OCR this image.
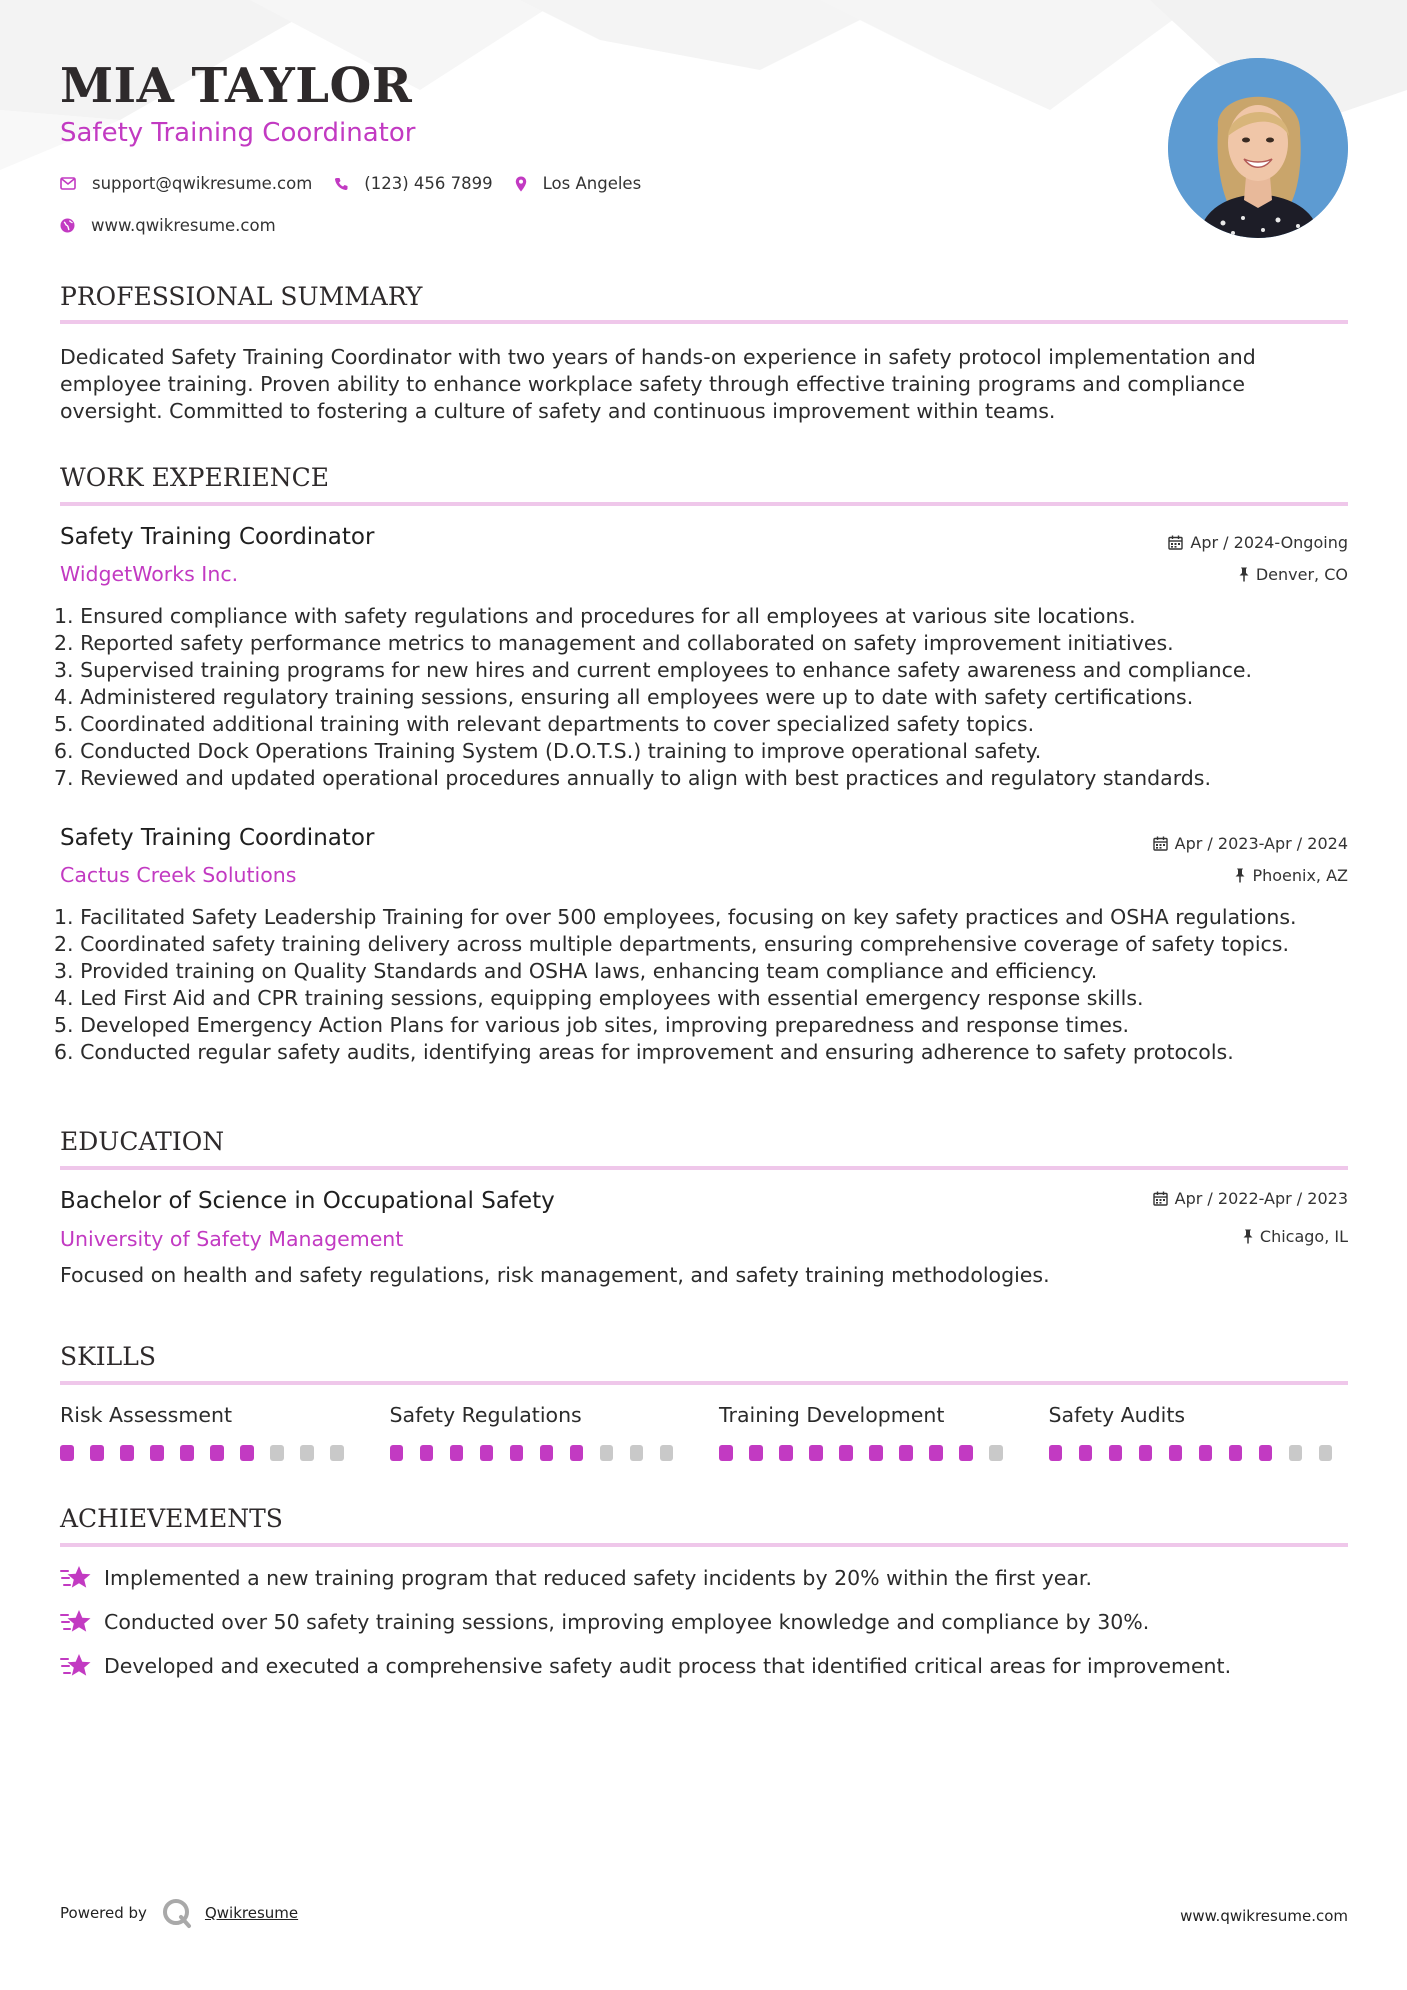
MIA TAYLOR
Safety Training Coordinator
support@qwikresume.com	(123) 456 7899	Los Angeles
www.qwikresume.com
PROFESSIONAL SUMMARY
Dedicated Safety Training Coordinator with two years of hands-on experience in safety protocol implementation and
employee training. Proven ability to enhance workplace safety through effective training programs and compliance
oversight. Committed to fostering a culture of safety and continuous improvement within teams.
WORK EXPERIENCE
Safety Training Coordinator	Apr / 2024-Ongoing
WidgetWorks Inc.	Denver, CO
1. Ensured compliance with safety regulations and procedures for all employees at various site locations.
2. Reported safety performance metrics to management and collaborated on safety improvement initiatives.
3. Supervised training programs for new hires and current employees to enhance safety awareness and compliance.
4. Administered regulatory training sessions, ensuring all employees were up to date with safety certifications.
5. Coordinated additional training with relevant departments to cover specialized safety topics.
6. Conducted Dock Operations Training System (D.O.T.S.) training to improve operational safety.
7. Reviewed and updated operational procedures annually to align with best practices and regulatory standards.
Safety Training Coordinator	Apr / 2023-Apr / 2024
Cactus Creek Solutions	Phoenix, AZ
1. Facilitated Safety Leadership Training for over 500 employees, focusing on key safety practices and OSHA regulations.
2. Coordinated safety training delivery across multiple departments, ensuring comprehensive coverage of safety topics.
3. Provided training on Quality Standards and OSHA laws, enhancing team compliance and efficiency.
4. Led First Aid and CPR training sessions, equipping employees with essential emergency response skills.
5. Developed Emergency Action Plans for various job sites, improving preparedness and response times.
6. Conducted regular safety audits, identifying areas for improvement and ensuring adherence to safety protocols.
EDUCATION
Bachelor of Science in Occupational Safety	Apr / 2022-Apr / 2023
University of Safety Management	Chicago, IL
Focused on health and safety regulations, risk management, and safety training methodologies.
SKILLS
Risk Assessment	Safety Regulations	Training Development	Safety Audits
ACHIEVEMENTS
Implemented a new training program that reduced safety incidents by 20% within the first year.
Conducted over 50 safety training sessions, improving employee knowledge and compliance by 30%.
Developed and executed a comprehensive safety audit process that identified critical areas for improvement.
Powered by	Qwikresume	www.qwikresume.com
